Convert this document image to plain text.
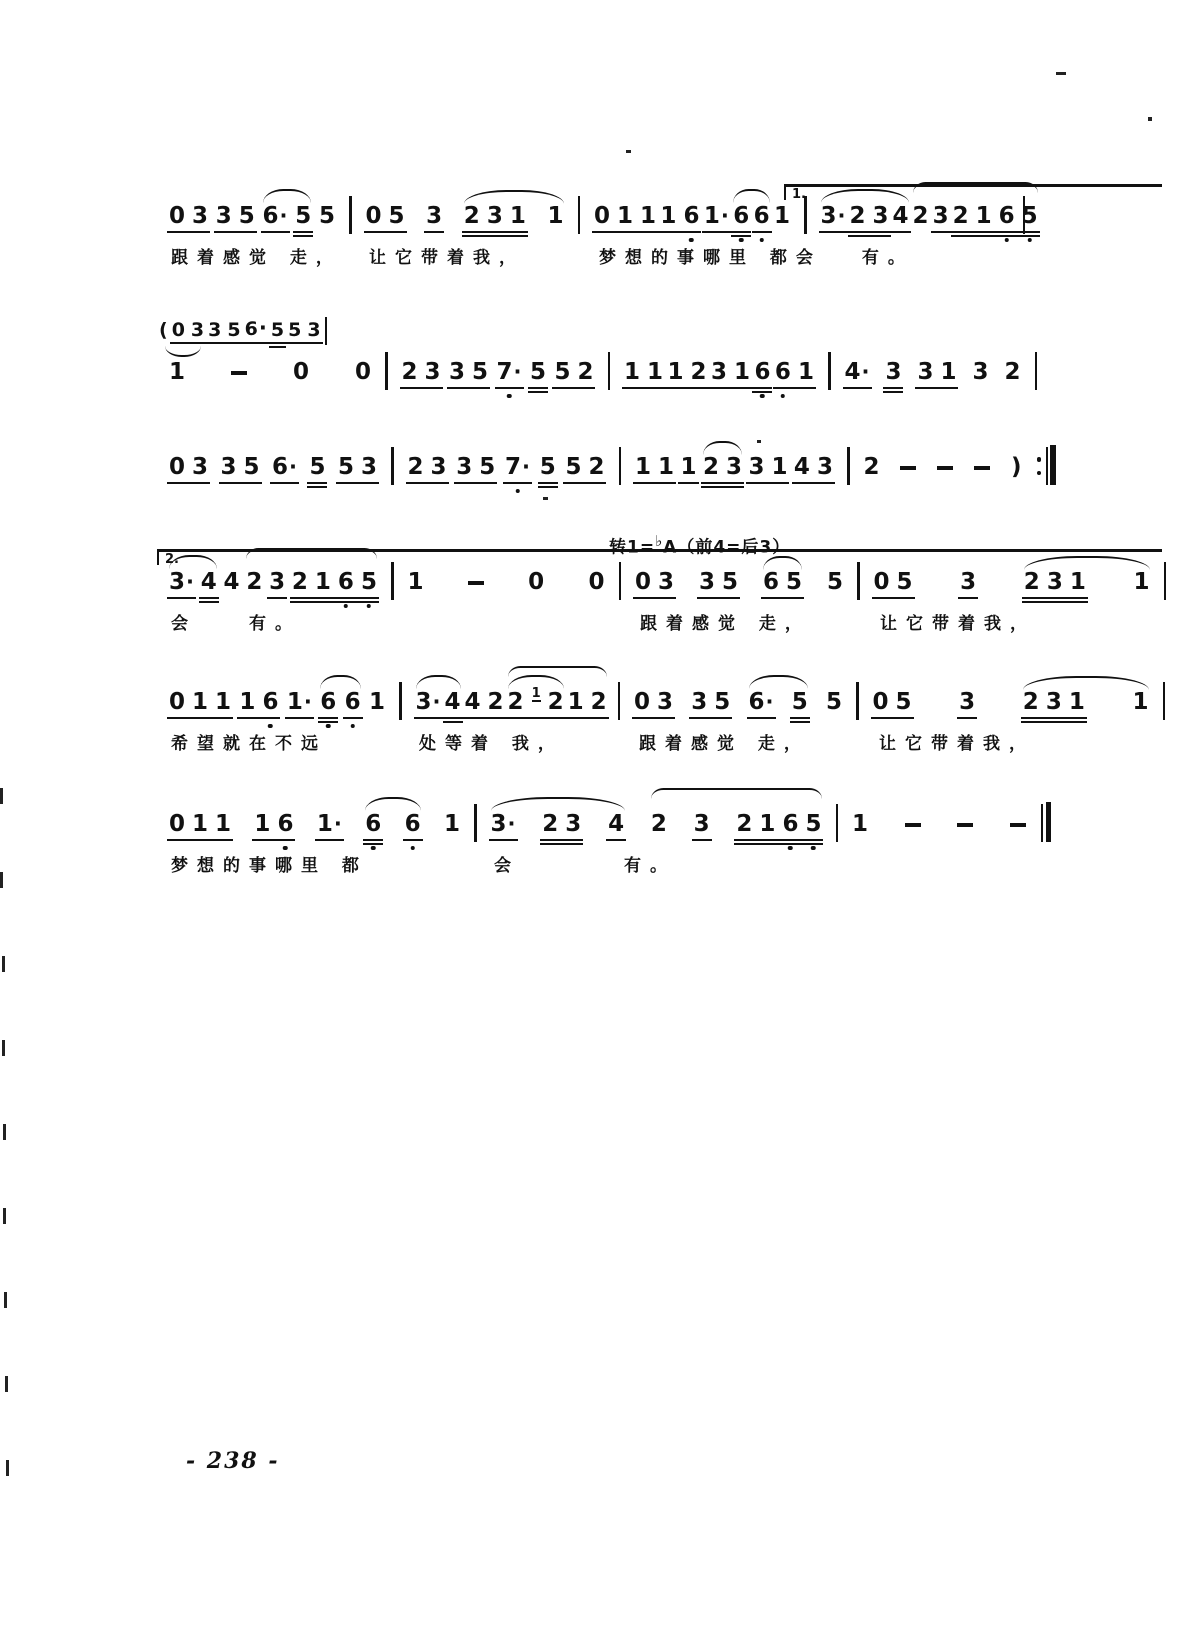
- 238 -
0 3 3 5 6· 5 5 0 5 3 2 3 1 1 0 1 1 1 6 1· 6 6 1 3· 2 3 4 2 3 2 1 6 5
跟着感觉 走，	让它带着我，	梦想的事哪里 都会 　有。
1.
1	0 0 2 3 3 5 7· 5 5 2 1 1 1 2 3 1 6 6 1 4· 3 3 1 3 2
( 0 3 3 5 6· 5 5 3
0 3 3 5 6· 5 5 3 2 3 3 5 7· 5 5 2 1 1 1 2 3 3 1 4 3 2	)
3· 4 4 2 3 2 1 6 5 1	0 0 0 3 3 5 6 5 5 0 5 3 2 3 1 1
会　　有。	跟着感觉 走，	让它带着我，
2.
转1=♭A（前4=后3）
0 1 1 1 6 1· 6 6 1 3· 4 4 2 2 1 2 1 2 0 3 3 5 6· 5 5 0 5 3 2 3 1 1
希望就在不远	处等着 我，	跟着感觉 走，	让它带着我，
0 1 1 1 6 1· 6 6 1 3· 2 3 4 2 3 2 1 6 5 1
梦想的事哪里 都	会　　　　有。
